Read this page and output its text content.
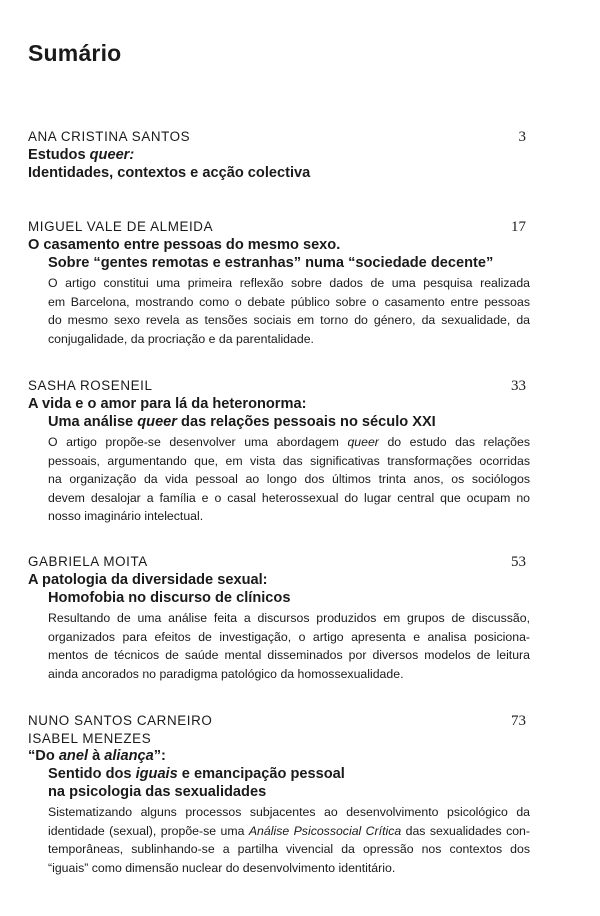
Sumário
ANA CRISTINA SANTOS	3
Estudos queer:
Identidades, contextos e acção colectiva
MIGUEL VALE DE ALMEIDA	17
O casamento entre pessoas do mesmo sexo.
Sobre “gentes remotas e estranhas” numa “sociedade decente”
O artigo constitui uma primeira reflexão sobre dados de uma pesquisa realizada
em Barcelona, mostrando como o debate público sobre o casamento entre pessoas
do mesmo sexo revela as tensões sociais em torno do género, da sexualidade, da
conjugalidade, da procriação e da parentalidade.
SASHA ROSENEIL	33
A vida e o amor para lá da heteronorma:
Uma análise queer das relações pessoais no século XXI
O artigo propõe-se desenvolver uma abordagem queer do estudo das relações
pessoais, argumentando que, em vista das significativas transformações ocorridas
na organização da vida pessoal ao longo dos últimos trinta anos, os sociólogos
devem desalojar a família e o casal heterossexual do lugar central que ocupam no
nosso imaginário intelectual.
GABRIELA MOITA	53
A patologia da diversidade sexual:
Homofobia no discurso de clínicos
Resultando de uma análise feita a discursos produzidos em grupos de discussão,
organizados para efeitos de investigação, o artigo apresenta e analisa posiciona-
mentos de técnicos de saúde mental disseminados por diversos modelos de leitura
ainda ancorados no paradigma patológico da homossexualidade.
NUNO SANTOS CARNEIRO	73
ISABEL MENEZES
“Do anel à aliança”:
Sentido dos iguais e emancipação pessoal
na psicologia das sexualidades
Sistematizando alguns processos subjacentes ao desenvolvimento psicológico da
identidade (sexual), propõe-se uma Análise Psicossocial Crítica das sexualidades con-
temporâneas, sublinhando-se a partilha vivencial da opressão nos contextos dos
“iguais” como dimensão nuclear do desenvolvimento identitário.
